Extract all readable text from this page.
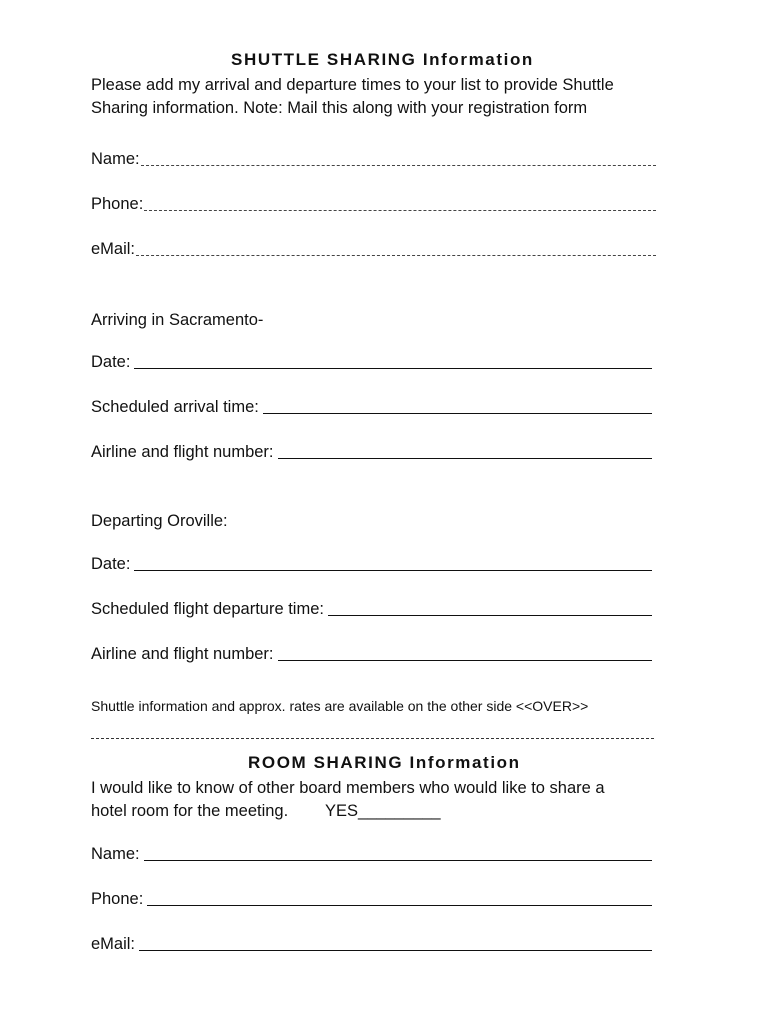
SHUTTLE SHARING Information
Please add my arrival and departure times to your list to provide Shuttle
Sharing information. Note: Mail this along with your registration form
Name:
Phone:
eMail:
Arriving in Sacramento-
Date:
Scheduled arrival time:
Airline and flight number:
Departing Oroville:
Date:
Scheduled flight departure time:
Airline and flight number:
Shuttle information and approx. rates are available on the other side <<OVER>>
ROOM SHARING Information
I would like to know of other board members who would like to share a
hotel room for the meeting. YES_________
Name:
Phone:
eMail:
